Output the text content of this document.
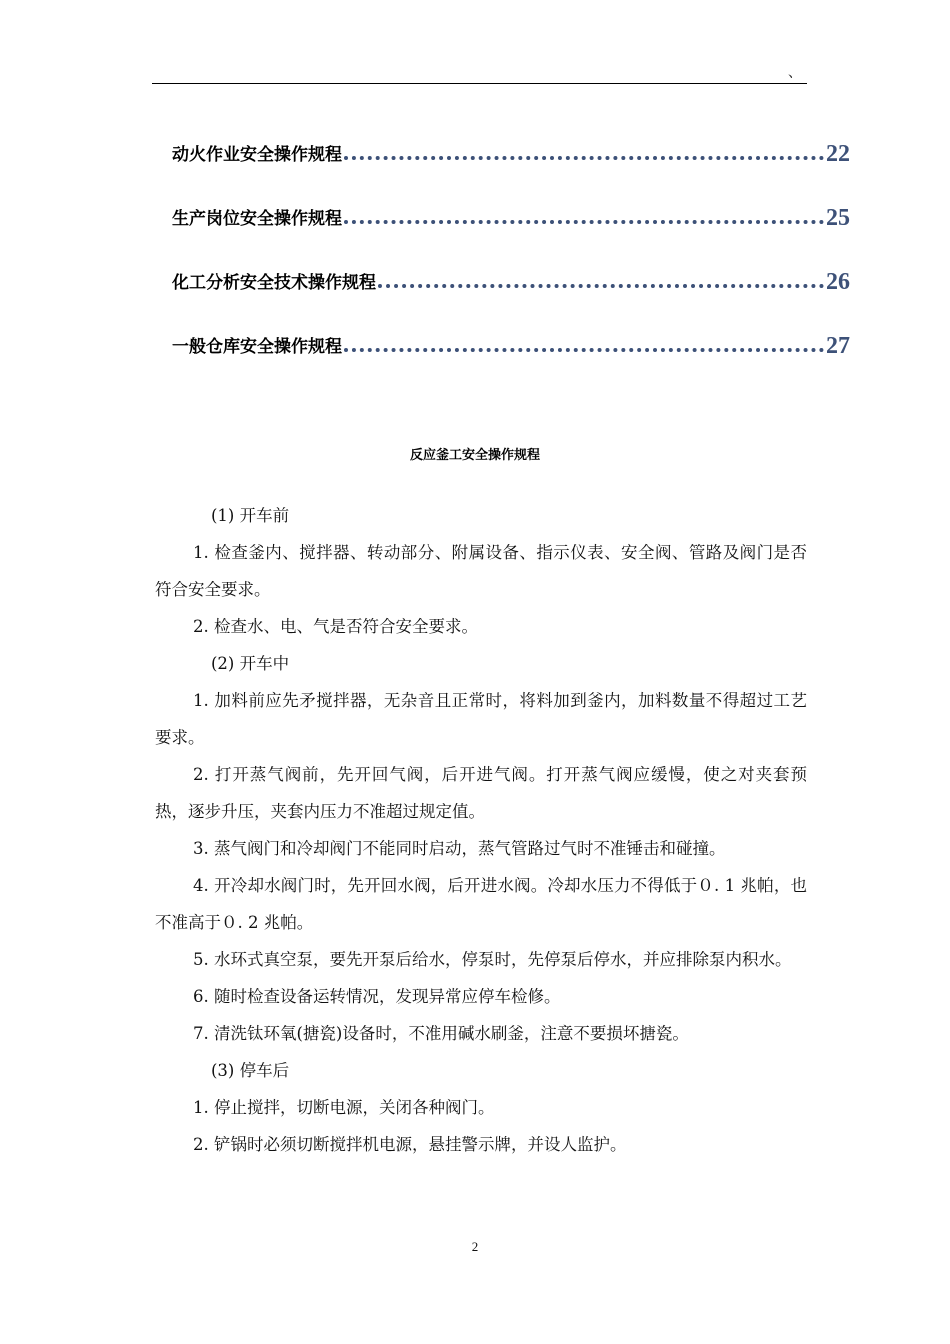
、
动火作业安全操作规程	22
生产岗位安全操作规程	25
化工分析安全技术操作规程	26
一般仓库安全操作规程	27
反应釜工安全操作规程

(1) 开车前

1. 检查釜内、搅拌器、转动部分、附属设备、指示仪表、安全阀、管路及阀门是否符合安全要求。

2. 检查水、电、气是否符合安全要求。

(2) 开车中

1. 加料前应先矛搅拌器，无杂音且正常时，将料加到釜内，加料数量不得超过工艺要求。

2. 打开蒸气阀前，先开回气阀，后开进气阀。打开蒸气阀应缓慢，使之对夹套预热，逐步升压，夹套内压力不准超过规定值。

3. 蒸气阀门和冷却阀门不能同时启动，蒸气管路过气时不准锤击和碰撞。

4. 开冷却水阀门时，先开回水阀，后开进水阀。冷却水压力不得低于０. 1 兆帕，也不准高于０. 2 兆帕。

5. 水环式真空泵，要先开泵后给水，停泵时，先停泵后停水，并应排除泵内积水。

6. 随时检查设备运转情况，发现异常应停车检修。

7. 清洗钛环氧(搪瓷)设备时，不准用碱水刷釜，注意不要损坏搪瓷。

(3) 停车后

1. 停止搅拌，切断电源，关闭各种阀门。

2. 铲锅时必须切断搅拌机电源，悬挂警示牌，并设人监护。

2
